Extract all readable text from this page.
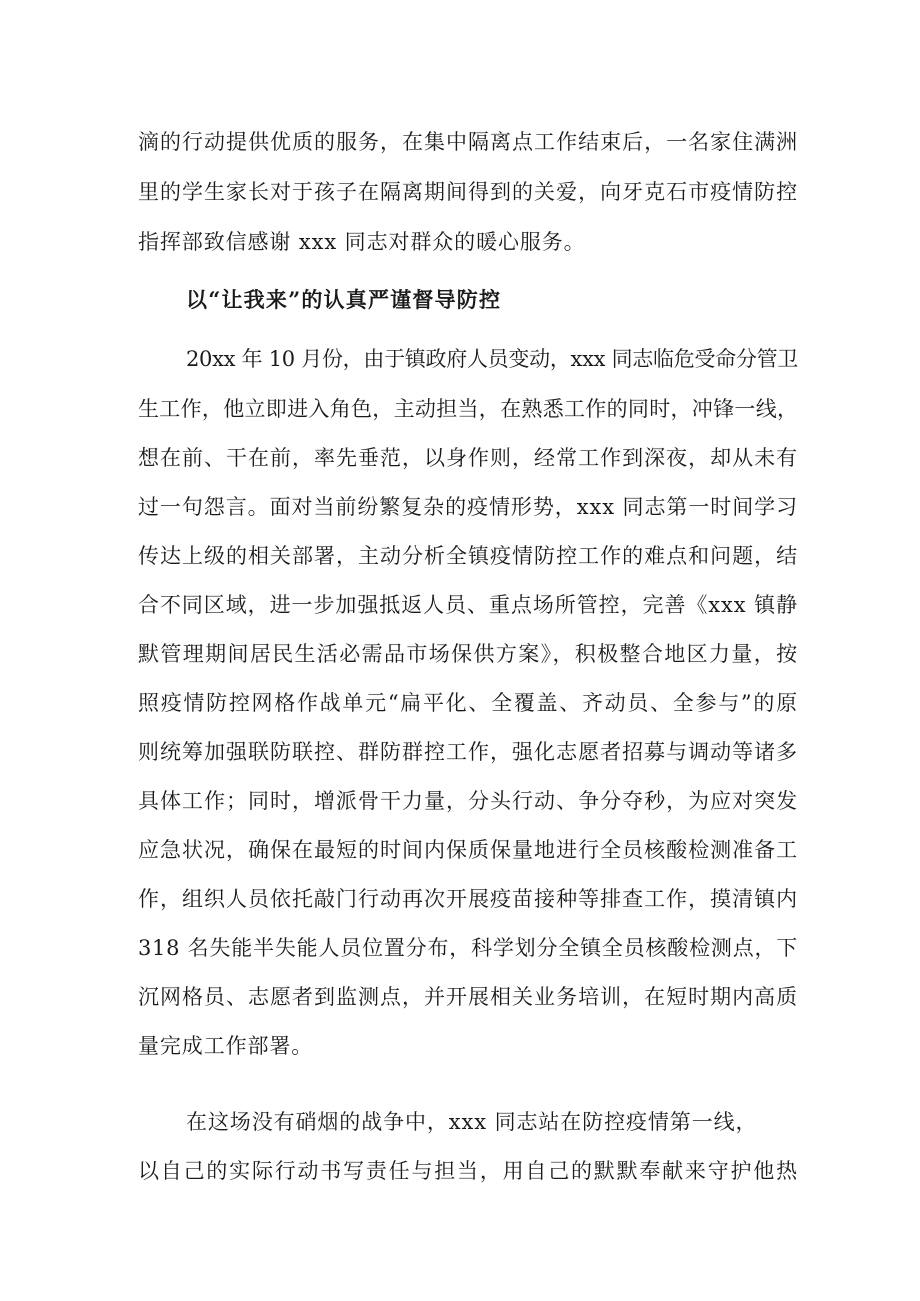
滴的行动提供优质的服务，在集中隔离点工作结束后，一名家住满洲
里的学生家长对于孩子在隔离期间得到的关爱，向牙克石市疫情防控
指挥部致信感谢 xxx 同志对群众的暖心服务。
以“让我来”的认真严谨督导防控
20xx 年 10 月份，由于镇政府人员变动，xxx 同志临危受命分管卫
生工作，他立即进入角色，主动担当，在熟悉工作的同时，冲锋一线，
想在前、干在前，率先垂范，以身作则，经常工作到深夜，却从未有
过一句怨言。面对当前纷繁复杂的疫情形势，xxx 同志第一时间学习
传达上级的相关部署，主动分析全镇疫情防控工作的难点和问题，结
合不同区域，进一步加强抵返人员、重点场所管控，完善《xxx 镇静
默管理期间居民生活必需品市场保供方案》，积极整合地区力量，按
照疫情防控网格作战单元“扁平化、全覆盖、齐动员、全参与”的原
则统筹加强联防联控、群防群控工作，强化志愿者招募与调动等诸多
具体工作；同时，增派骨干力量，分头行动、争分夺秒，为应对突发
应急状况，确保在最短的时间内保质保量地进行全员核酸检测准备工
作，组织人员依托敲门行动再次开展疫苗接种等排查工作，摸清镇内
318 名失能半失能人员位置分布，科学划分全镇全员核酸检测点，下
沉网格员、志愿者到监测点，并开展相关业务培训，在短时期内高质
量完成工作部署。
在这场没有硝烟的战争中，xxx 同志站在防控疫情第一线，
以自己的实际行动书写责任与担当，用自己的默默奉献来守护他热
